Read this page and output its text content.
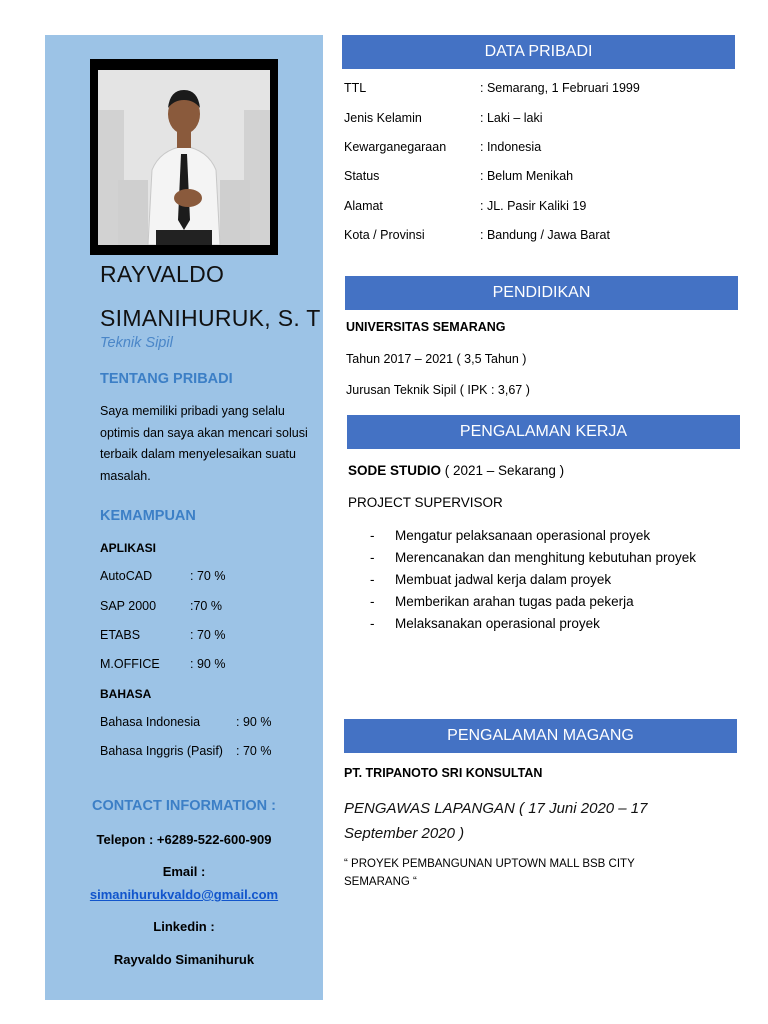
RAYVALDO
SIMANIHURUK, S. T
Teknik Sipil
TENTANG PRIBADI
Saya memiliki pribadi yang selalu optimis dan saya akan mencari solusi terbaik dalam menyelesaikan suatu masalah.
KEMAMPUAN
APLIKASI
AutoCAD	: 70 %
SAP 2000	:70 %
ETABS	: 70 %
M.OFFICE : 90 %
BAHASA
Bahasa Indonesia	: 90 %
Bahasa Inggris (Pasif) : 70 %
CONTACT INFORMATION :
Telepon : +6289-522-600-909
Email :
simanihurukvaldo@gmail.com
Linkedin :
Rayvaldo Simanihuruk
DATA PRIBADI
TTL	: Semarang, 1 Februari 1999
Jenis Kelamin	: Laki – laki
Kewarganegaraan	: Indonesia
Status	: Belum Menikah
Alamat	: JL. Pasir Kaliki 19
Kota / Provinsi	: Bandung / Jawa Barat
PENDIDIKAN
UNIVERSITAS SEMARANG
Tahun 2017 – 2021 ( 3,5 Tahun )
Jurusan Teknik Sipil ( IPK : 3,67 )
PENGALAMAN KERJA
SODE STUDIO ( 2021 – Sekarang )
PROJECT SUPERVISOR
- Mengatur pelaksanaan operasional proyek
- Merencanakan dan menghitung kebutuhan proyek
- Membuat jadwal kerja dalam proyek
- Memberikan arahan tugas pada pekerja
- Melaksanakan operasional proyek
PENGALAMAN MAGANG
PT. TRIPANOTO SRI KONSULTAN
PENGAWAS LAPANGAN ( 17 Juni 2020 – 17 September 2020 )
“ PROYEK PEMBANGUNAN UPTOWN MALL BSB CITY SEMARANG “
